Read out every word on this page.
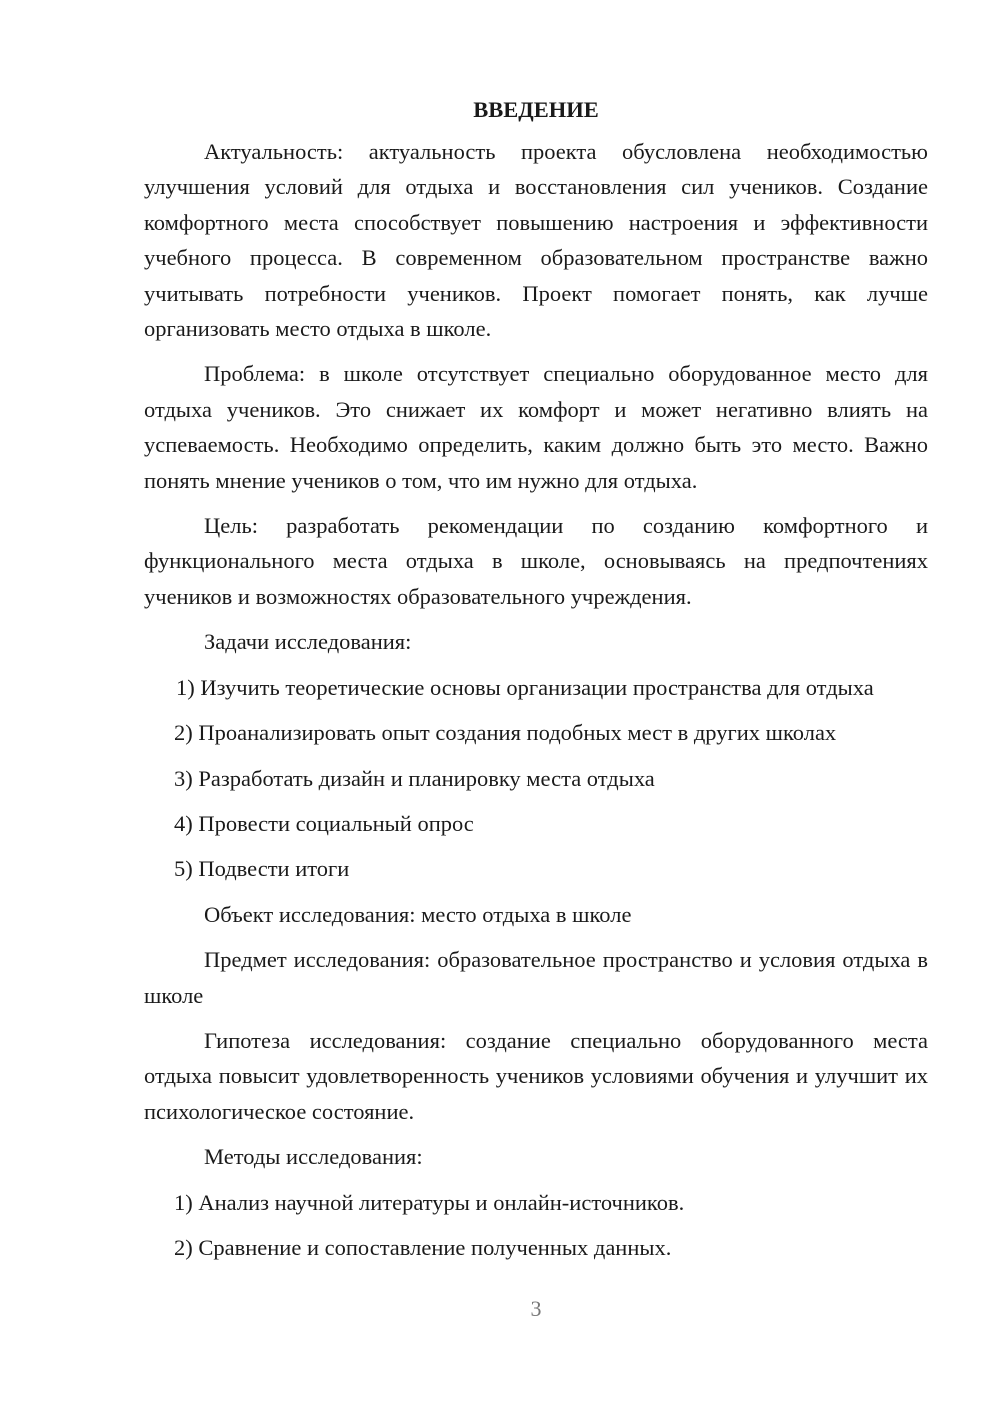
ВВЕДЕНИЕ

Актуальность: актуальность проекта обусловлена необходимостью улучшения условий для отдыха и восстановления сил учеников. Создание комфортного места способствует повышению настроения и эффективности учебного процесса. В современном образовательном пространстве важно учитывать потребности учеников. Проект помогает понять, как лучше организовать место отдыха в школе.

Проблема: в школе отсутствует специально оборудованное место для отдыха учеников. Это снижает их комфорт и может негативно влиять на успеваемость. Необходимо определить, каким должно быть это место. Важно понять мнение учеников о том, что им нужно для отдыха.

Цель: разработать рекомендации по созданию комфортного и функционального места отдыха в школе, основываясь на предпочтениях учеников и возможностях образовательного учреждения.

Задачи исследования:

1) Изучить теоретические основы организации пространства для отдыха

2) Проанализировать опыт создания подобных мест в других школах

3) Разработать дизайн и планировку места отдыха

4) Провести социальный опрос

5) Подвести итоги

Объект исследования: место отдыха в школе

Предмет исследования: образовательное пространство и условия отдыха в школе

Гипотеза исследования: создание специально оборудованного места отдыха повысит удовлетворенность учеников условиями обучения и улучшит их психологическое состояние.

Методы исследования:

1) Анализ научной литературы и онлайн-источников.

2) Сравнение и сопоставление полученных данных.

3
